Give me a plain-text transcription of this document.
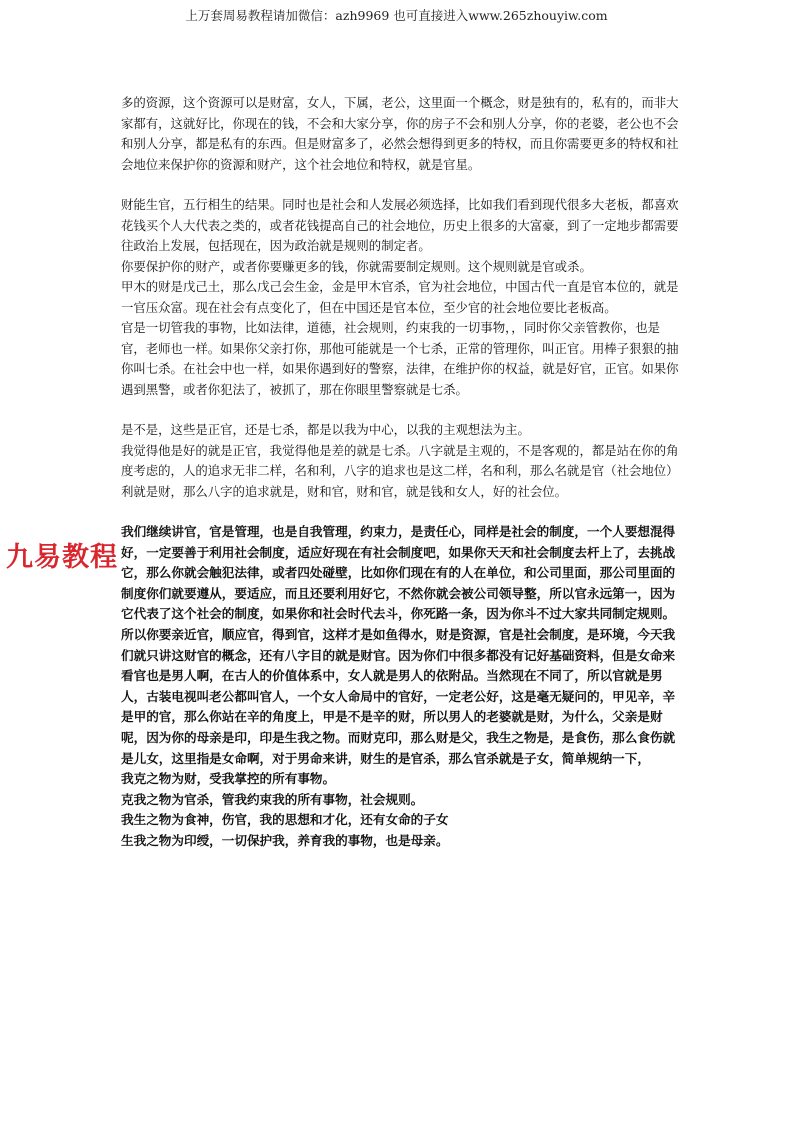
上万套周易教程请加微信：azh9969 也可直接进入www.265zhouyiw.com

多的资源，这个资源可以是财富，女人，下属，老公，这里面一个概念，财是独有的，私有的，而非大家都有，这就好比，你现在的钱，不会和大家分享，你的房子不会和别人分享，你的老婆，老公也不会和别人分享，都是私有的东西。但是财富多了，必然会想得到更多的特权，而且你需要更多的特权和社会地位来保护你的资源和财产，这个社会地位和特权，就是官星。

财能生官，五行相生的结果。同时也是社会和人发展必须选择，比如我们看到现代很多大老板，都喜欢花钱买个人大代表之类的，或者花钱提高自己的社会地位，历史上很多的大富豪，到了一定地步都需要往政治上发展，包括现在，因为政治就是规则的制定者。

你要保护你的财产，或者你要赚更多的钱，你就需要制定规则。这个规则就是官或杀。

甲木的财是戊己土，那么戊己会生金，金是甲木官杀，官为社会地位，中国古代一直是官本位的，就是一官压众富。现在社会有点变化了，但在中国还是官本位，至少官的社会地位要比老板高。

官是一切管我的事物，比如法律，道德，社会规则，约束我的一切事物，，同时你父亲管教你，也是官，老师也一样。如果你父亲打你，那他可能就是一个七杀，正常的管理你，叫正官。用棒子狠狠的抽你叫七杀。在社会中也一样，如果你遇到好的警察，法律，在维护你的权益，就是好官，正官。如果你遇到黑警，或者你犯法了，被抓了，那在你眼里警察就是七杀。

是不是，这些是正官，还是七杀，都是以我为中心，以我的主观想法为主。

我觉得他是好的就是正官，我觉得他是差的就是七杀。八字就是主观的，不是客观的，都是站在你的角度考虑的，人的追求无非二样，名和利，八字的追求也是这二样，名和利，那么名就是官（社会地位）利就是财，那么八字的追求就是，财和官，财和官，就是钱和女人，好的社会位。

我们继续讲官，官是管理，也是自我管理，约束力，是责任心，同样是社会的制度，一个人要想混得好，一定要善于利用社会制度，适应好现在有社会制度吧，如果你天天和社会制度去杆上了，去挑战它，那么你就会触犯法律，或者四处碰壁，比如你们现在有的人在单位，和公司里面，那公司里面的制度你们就要遵从，要适应，而且还要利用好它，不然你就会被公司领导整，所以官永远第一，因为它代表了这个社会的制度，如果你和社会时代去斗，你死路一条，因为你斗不过大家共同制定规则。

所以你要亲近官，顺应官，得到官，这样才是如鱼得水，财是资源，官是社会制度，是环境，今天我们就只讲这财官的概念，还有八字目的就是财官。因为你们中很多都没有记好基础资料，但是女命来看官也是男人啊，在古人的价值体系中，女人就是男人的依附品。当然现在不同了，所以官就是男人，古装电视叫老公都叫官人，一个女人命局中的官好，一定老公好，这是毫无疑问的，甲见辛，辛是甲的官，那么你站在辛的角度上，甲是不是辛的财，所以男人的老婆就是财，为什么，父亲是财呢，因为你的母亲是印，印是生我之物。而财克印，那么财是父，我生之物是，是食伤，那么食伤就是儿女，这里指是女命啊，对于男命来讲，财生的是官杀，那么官杀就是子女，简单规纳一下，

我克之物为财，受我掌控的所有事物。

克我之物为官杀，管我约束我的所有事物，社会规则。

我生之物为食神，伤官，我的思想和才化，还有女命的子女

生我之物为印绶，一切保护我，养育我的事物，也是母亲。

九易教程
